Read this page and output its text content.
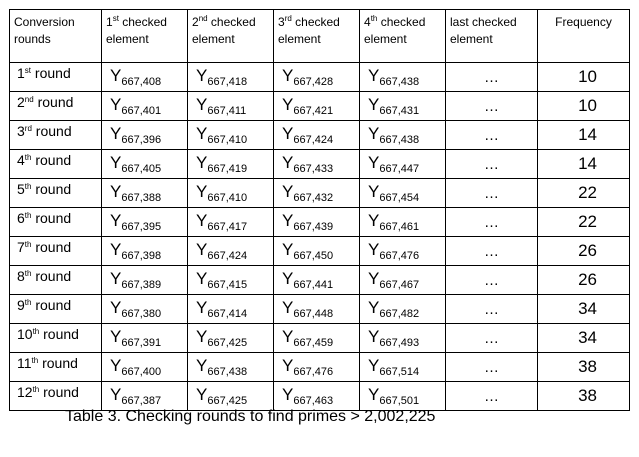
Conversion rounds	1st checked element	2nd checked element	3rd checked element	4th checked element	last checked element	Frequency
1st round	$Y_{667,408}$	$Y_{667,418}$	$Y_{667,428}$	$Y_{667,438}$	…	10
2nd round	$Y_{667,401}$	$Y_{667,411}$	$Y_{667,421}$	$Y_{667,431}$	…	10
3rd round	$Y_{667,396}$	$Y_{667,410}$	$Y_{667,424}$	$Y_{667,438}$	…	14
4th round	$Y_{667,405}$	$Y_{667,419}$	$Y_{667,433}$	$Y_{667,447}$	…	14
5th round	$Y_{667,388}$	$Y_{667,410}$	$Y_{667,432}$	$Y_{667,454}$	…	22
6th round	$Y_{667,395}$	$Y_{667,417}$	$Y_{667,439}$	$Y_{667,461}$	…	22
7th round	$Y_{667,398}$	$Y_{667,424}$	$Y_{667,450}$	$Y_{667,476}$	…	26
8th round	$Y_{667,389}$	$Y_{667,415}$	$Y_{667,441}$	$Y_{667,467}$	…	26
9th round	$Y_{667,380}$	$Y_{667,414}$	$Y_{667,448}$	$Y_{667,482}$	…	34
10th round	$Y_{667,391}$	$Y_{667,425}$	$Y_{667,459}$	$Y_{667,493}$	…	34
11th round	$Y_{667,400}$	$Y_{667,438}$	$Y_{667,476}$	$Y_{667,514}$	…	38
12th round	$Y_{667,387}$	$Y_{667,425}$	$Y_{667,463}$	$Y_{667,501}$	…	38
Table 3. Checking rounds to find primes > 2,002,225
